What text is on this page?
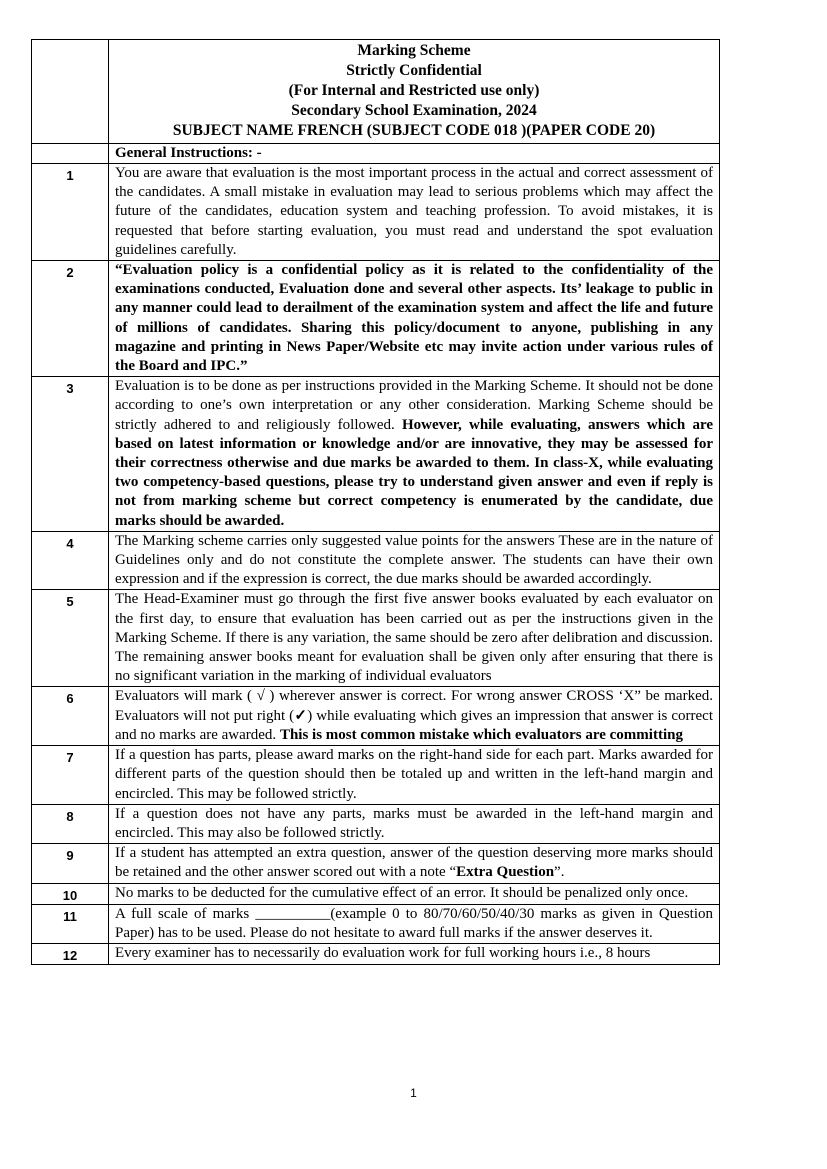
	Marking Scheme
Strictly Confidential
(For Internal and Restricted use only)
Secondary School Examination, 2024
SUBJECT NAME FRENCH (SUBJECT CODE 018 )(PAPER CODE 20)

	General Instructions: -
1	You are aware that evaluation is the most important process in the actual and correct assessment of the candidates. A small mistake in evaluation may lead to serious problems which may affect the future of the candidates, education system and teaching profession. To avoid mistakes, it is requested that before starting evaluation, you must read and understand the spot evaluation guidelines carefully.
2	“Evaluation policy is a confidential policy as it is related to the confidentiality of the examinations conducted, Evaluation done and several other aspects. Its’ leakage to public in any manner could lead to derailment of the examination system and affect the life and future of millions of candidates. Sharing this policy/document to anyone, publishing in any magazine and printing in News Paper/Website etc may invite action under various rules of the Board and IPC.”
3	Evaluation is to be done as per instructions provided in the Marking Scheme. It should not be done according to one’s own interpretation or any other consideration. Marking Scheme should be strictly adhered to and religiously followed. However, while evaluating, answers which are based on latest information or knowledge and/or are innovative, they may be assessed for their correctness otherwise and due marks be awarded to them. In class-X, while evaluating two competency-based questions, please try to understand given answer and even if reply is not from marking scheme but correct competency is enumerated by the candidate, due marks should be awarded.
4	The Marking scheme carries only suggested value points for the answers These are in the nature of Guidelines only and do not constitute the complete answer. The students can have their own expression and if the expression is correct, the due marks should be awarded accordingly.
5	The Head-Examiner must go through the first five answer books evaluated by each evaluator on the first day, to ensure that evaluation has been carried out as per the instructions given in the Marking Scheme. If there is any variation, the same should be zero after delibration and discussion. The remaining answer books meant for evaluation shall be given only after ensuring that there is no significant variation in the marking of individual evaluators
6	Evaluators will mark ( √ ) wherever answer is correct. For wrong answer CROSS ‘X” be marked. Evaluators will not put right (✓) while evaluating which gives an impression that answer is correct and no marks are awarded. This is most common mistake which evaluators are committing
7	If a question has parts, please award marks on the right-hand side for each part. Marks awarded for different parts of the question should then be totaled up and written in the left-hand margin and encircled. This may be followed strictly.
8	If a question does not have any parts, marks must be awarded in the left-hand margin and encircled. This may also be followed strictly.
9	If a student has attempted an extra question, answer of the question deserving more marks should be retained and the other answer scored out with a note “Extra Question”.
10	No marks to be deducted for the cumulative effect of an error. It should be penalized only once.
11	A full scale of marks __________(example 0 to 80/70/60/50/40/30 marks as given in Question Paper) has to be used. Please do not hesitate to award full marks if the answer deserves it.
12	Every examiner has to necessarily do evaluation work for full working hours i.e., 8 hours
1
